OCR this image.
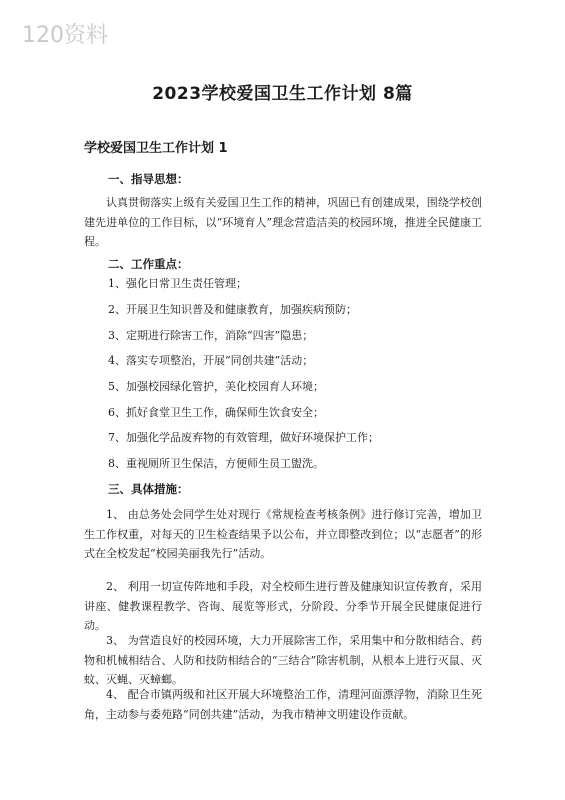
120资料
2023学校爱国卫生工作计划 8篇
学校爱国卫生工作计划 1
一、指导思想：
认真贯彻落实上级有关爱国卫生工作的精神，巩固已有创建成果，围绕学校创建先进单位的工作目标，以“环境育人”理念营造洁美的校园环境，推进全民健康工程。
二、工作重点：
1、强化日常卫生责任管理；
2、开展卫生知识普及和健康教育，加强疾病预防；
3、定期进行除害工作，消除“四害”隐患；
4、落实专项整治，开展“同创共建”活动；
5、加强校园绿化管护，美化校园育人环境；
6、抓好食堂卫生工作，确保师生饮食安全；
7、加强化学品废弃物的有效管理，做好环境保护工作；
8、重视厕所卫生保洁，方便师生员工盥洗。
三、具体措施：
1、 由总务处会同学生处对现行《常规检查考核条例》进行修订完善，增加卫生工作权重，对每天的卫生检查结果予以公布，并立即整改到位；以“志愿者”的形式在全校发起“校园美丽我先行”活动。
2、 利用一切宣传阵地和手段，对全校师生进行普及健康知识宣传教育，采用讲座、健教课程教学、咨询、展览等形式，分阶段、分季节开展全民健康促进行动。
3、 为营造良好的校园环境，大力开展除害工作，采用集中和分散相结合、药物和机械相结合、人防和技防相结合的“三结合”除害机制，从根本上进行灭鼠、灭蚊、灭蝇、灭蟑螂。
4、 配合市镇两级和社区开展大环境整治工作，清理河面漂浮物，消除卫生死角，主动参与委苑路“同创共建”活动，为我市精神文明建设作贡献。
